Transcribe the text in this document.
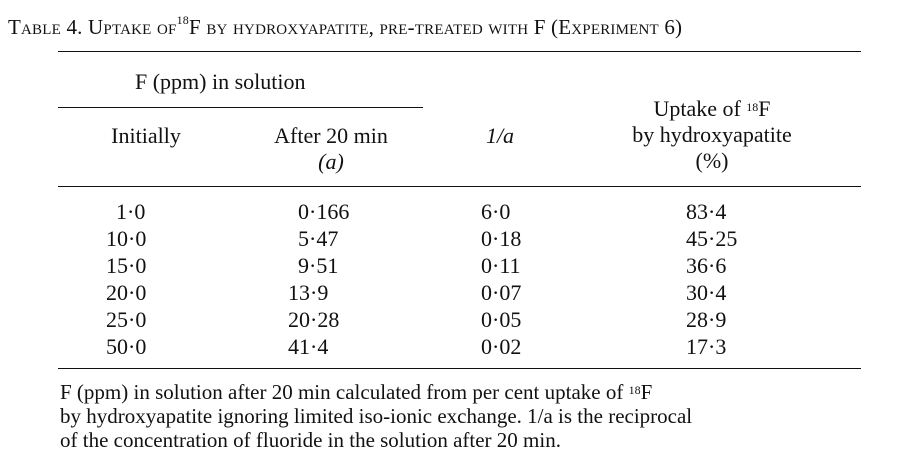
Table 4. Uptake $of^{18}F$ by hydroxyapatite, pre-treated with F (Experiment 6)
F (ppm) in solution
Initially	After 20 min
(a)
1/a
Uptake of $^{18}$F
by hydroxyapatite
(%)
1·0	0·166	6·0	83·4
10·0	5·47	0·18	45·25
15·0	9·51	0·11	36·6
20·0	13·9	0·07	30·4
25·0	20·28	0·05	28·9
50·0	41·4	0·02	17·3
F (ppm) in solution after 20 min calculated from per cent uptake of $^{18}$F
by hydroxyapatite ignoring limited iso-ionic exchange. 1/a is the reciprocal
of the concentration of fluoride in the solution after 20 min.
